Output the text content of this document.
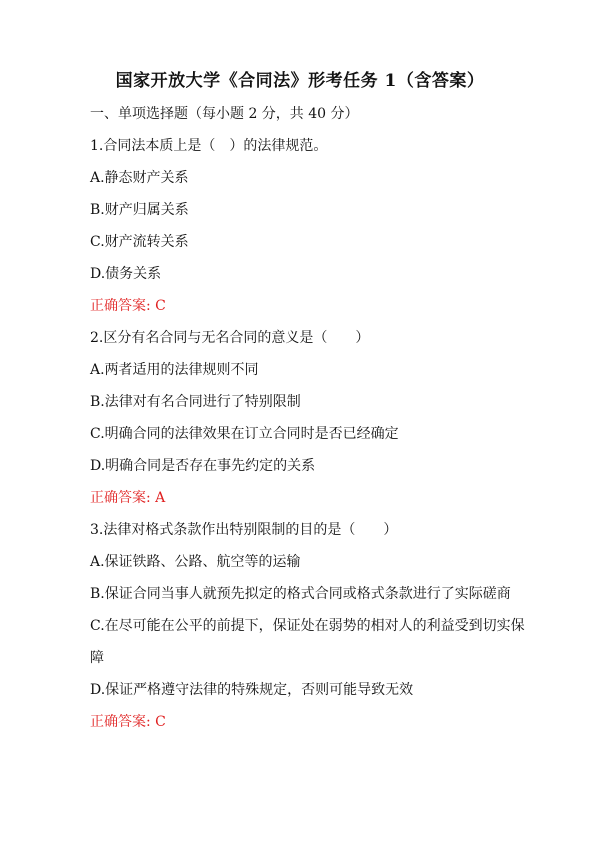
国家开放大学《合同法》形考任务 1（含答案）
一、单项选择题（每小题 2 分，共 40 分）
1.合同法本质上是（　）的法律规范。
A.静态财产关系
B.财产归属关系
C.财产流转关系
D.债务关系
正确答案: C
2.区分有名合同与无名合同的意义是（　　）
A.两者适用的法律规则不同
B.法律对有名合同进行了特别限制
C.明确合同的法律效果在订立合同时是否已经确定
D.明确合同是否存在事先约定的关系
正确答案: A
3.法律对格式条款作出特别限制的目的是（　　）
A.保证铁路、公路、航空等的运输
B.保证合同当事人就预先拟定的格式合同或格式条款进行了实际磋商
C.在尽可能在公平的前提下，保证处在弱势的相对人的利益受到切实保障
D.保证严格遵守法律的特殊规定，否则可能导致无效
正确答案: C
